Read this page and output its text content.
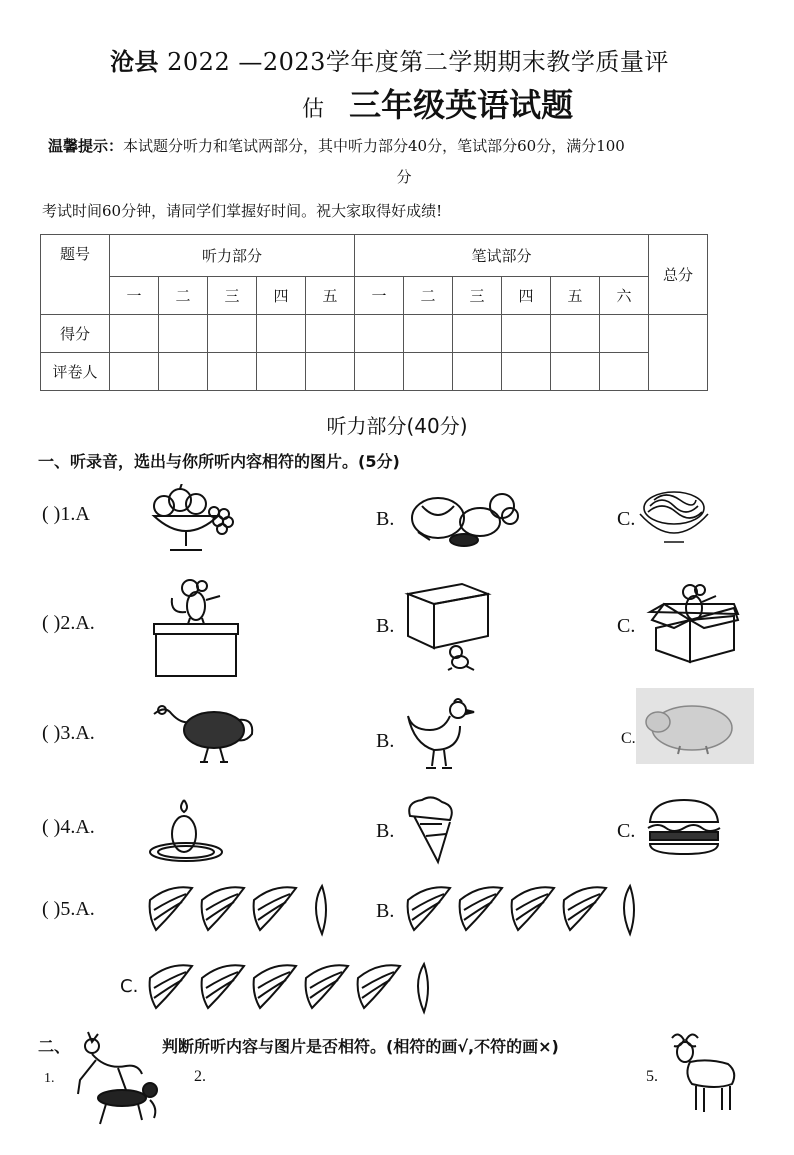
沧县 2022 —2023学年度第二学期期末教学质量评
估 三年级英语试题
温馨提示：本试题分听力和笔试两部分，其中听力部分40分，笔试部分60分，满分100
分
考试时间60分钟，请同学们掌握好时间。祝大家取得好成绩!
题号	听力部分					笔试部分						总分
	一	二	三	四	五	一	二	三	四	五	六	
得分												
评卷人												
听力部分(40分)
一、听录音，选出与你所听内容相符的图片。(5分)
( )1.A	B.	C.
( )2.A.	B.	C.
( )3.A.	B.	C.
( )4.A.	B.	C.
( )5.A.	B.
C.
二、	判断所听内容与图片是否相符。(相符的画√,不符的画×)
1.	2.	5.
